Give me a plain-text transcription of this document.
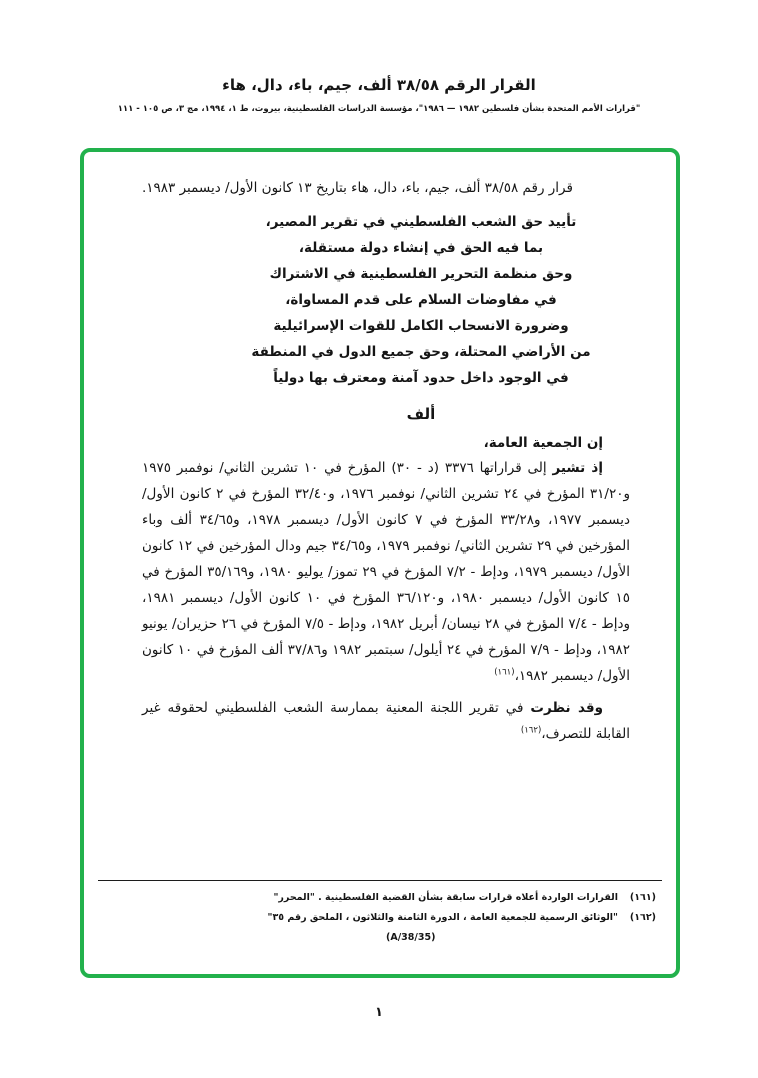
القرار الرقم ٣٨/٥٨ ألف، جيم، باء، دال، هاء
"قرارات الأمم المتحدة بشأن فلسطين ١٩٨٢ — ١٩٨٦"، مؤسسة الدراسات الفلسطينية، بيروت، ط ١، ١٩٩٤، مج ٣، ص ١٠٥ - ١١١

قرار رقم ٣٨/٥٨ ألف، جيم، باء، دال، هاء بتاريخ ١٣ كانون الأول/ ديسمبر ١٩٨٣.

تأييد حق الشعب الفلسطيني في تقرير المصير،
بما فيه الحق في إنشاء دولة مستقلة،
وحق منظمة التحرير الفلسطينية في الاشتراك
في مفاوضات السلام على قدم المساواة،
وضرورة الانسحاب الكامل للقوات الإسرائيلية
من الأراضي المحتلة، وحق جميع الدول في المنطقة
في الوجود داخل حدود آمنة ومعترف بها دولياً
ألف

إن الجمعية العامة،

إذ تشير إلى قراراتها ٣٣٧٦ (د - ٣٠) المؤرخ في ١٠ تشرين الثاني/ نوفمبر ١٩٧٥ و٣١/٢٠ المؤرخ في ٢٤ تشرين الثاني/ نوفمبر ١٩٧٦، و٣٢/٤٠ المؤرخ في ٢ كانون الأول/ ديسمبر ١٩٧٧، و٣٣/٢٨ المؤرخ في ٧ كانون الأول/ ديسمبر ١٩٧٨، و٣٤/٦٥ ألف وباء المؤرخين في ٢٩ تشرين الثاني/ نوفمبر ١٩٧٩، و٣٤/٦٥ جيم ودال المؤرخين في ١٢ كانون الأول/ ديسمبر ١٩٧٩، ودإط - ٧/٢ المؤرخ في ٢٩ تموز/ يوليو ١٩٨٠، و٣٥/١٦٩ المؤرخ في ١٥ كانون الأول/ ديسمبر ١٩٨٠، و٣٦/١٢٠ المؤرخ في ١٠ كانون الأول/ ديسمبر ١٩٨١، ودإط - ٧/٤ المؤرخ في ٢٨ نيسان/ أبريل ١٩٨٢، ودإط - ٧/٥ المؤرخ في ٢٦ حزيران/ يونيو ١٩٨٢، ودإط - ٧/٩ المؤرخ في ٢٤ أيلول/ سبتمبر ١٩٨٢ و٣٧/٨٦ ألف المؤرخ في ١٠ كانون الأول/ ديسمبر ١٩٨٢،$^{(١٦١)}$

وقد نظرت في تقرير اللجنة المعنية بممارسة الشعب الفلسطيني لحقوقه غير القابلة للتصرف،$^{(١٦٢)}$

(١٦١)
القرارات الواردة أعلاه قرارات سابقة بشأن القضية الفلسطينية . "المحرر"
(١٦٢)
"الوثائق الرسمية للجمعية العامة ، الدورة الثامنة والثلاثون ، الملحق رقم ٣٥"
(A/38/35)
١
